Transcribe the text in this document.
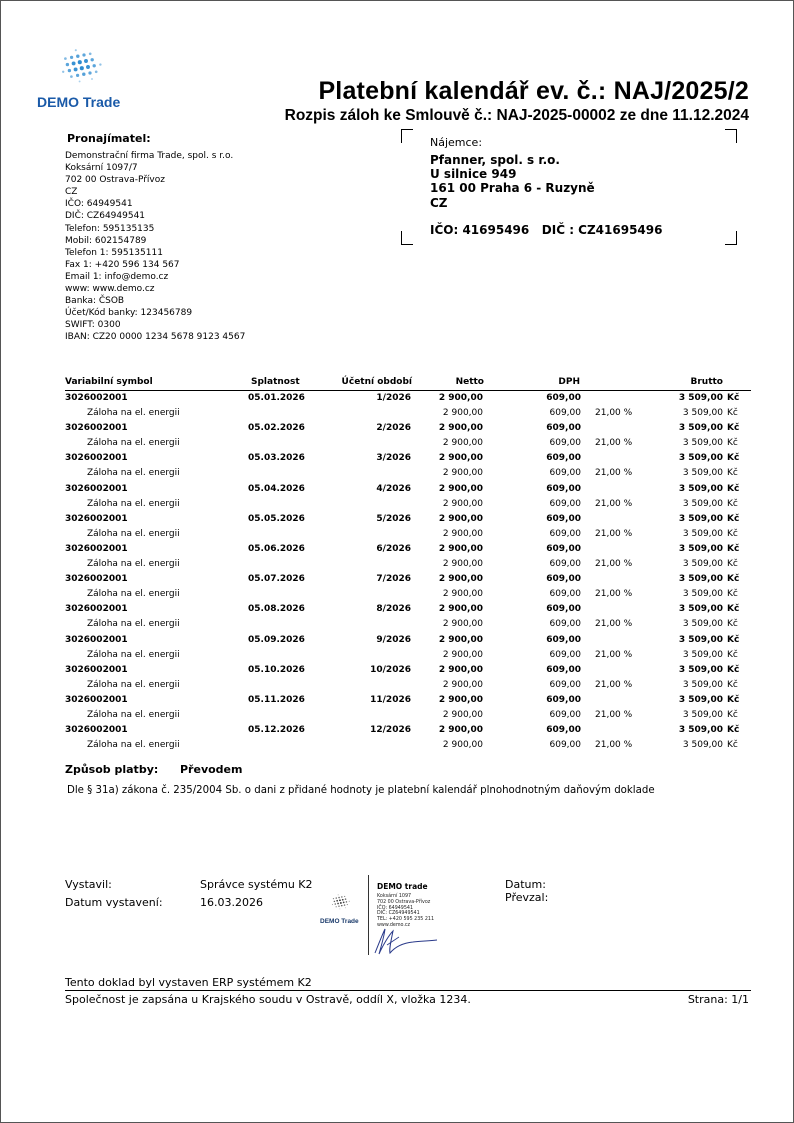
DEMO Trade	Platební kalendář ev. č.: NAJ/2025/2
Rozpis záloh ke Smlouvě č.: NAJ-2025-00002 ze dne 11.12.2024
Pronajímatel:
Demonstrační firma Trade, spol. s r.o.
Koksární 1097/7
702 00 Ostrava-Přívoz
CZ
IČO: 64949541
DIČ: CZ64949541
Telefon: 595135135
Mobil: 602154789
Telefon 1: 595135111
Fax 1: +420 596 134 567
Email 1: info@demo.cz
www: www.demo.cz
Banka: ČSOB
Účet/Kód banky: 123456789
SWIFT: 0300
IBAN: CZ20 0000 1234 5678 9123 4567
Nájemce:
Pfanner, spol. s r.o.
U silnice 949
161 00 Praha 6 - Ruzyně
CZ
IČO: 41695496   DIČ : CZ41695496
Variabilní symbol	Splatnost	Účetní období	Netto	DPH	Brutto
3026002001	05.01.2026	1/2026	2 900,00	609,00	3 509,00 Kč
Záloha na el. energii	2 900,00	609,00 21,00 %	3 509,00 Kč
3026002001	05.02.2026	2/2026	2 900,00	609,00	3 509,00 Kč
Záloha na el. energii	2 900,00	609,00 21,00 %	3 509,00 Kč
3026002001	05.03.2026	3/2026	2 900,00	609,00	3 509,00 Kč
Záloha na el. energii	2 900,00	609,00 21,00 %	3 509,00 Kč
3026002001	05.04.2026	4/2026	2 900,00	609,00	3 509,00 Kč
Záloha na el. energii	2 900,00	609,00 21,00 %	3 509,00 Kč
3026002001	05.05.2026	5/2026	2 900,00	609,00	3 509,00 Kč
Záloha na el. energii	2 900,00	609,00 21,00 %	3 509,00 Kč
3026002001	05.06.2026	6/2026	2 900,00	609,00	3 509,00 Kč
Záloha na el. energii	2 900,00	609,00 21,00 %	3 509,00 Kč
3026002001	05.07.2026	7/2026	2 900,00	609,00	3 509,00 Kč
Záloha na el. energii	2 900,00	609,00 21,00 %	3 509,00 Kč
3026002001	05.08.2026	8/2026	2 900,00	609,00	3 509,00 Kč
Záloha na el. energii	2 900,00	609,00 21,00 %	3 509,00 Kč
3026002001	05.09.2026	9/2026	2 900,00	609,00	3 509,00 Kč
Záloha na el. energii	2 900,00	609,00 21,00 %	3 509,00 Kč
3026002001	05.10.2026	10/2026	2 900,00	609,00	3 509,00 Kč
Záloha na el. energii	2 900,00	609,00 21,00 %	3 509,00 Kč
3026002001	05.11.2026	11/2026	2 900,00	609,00	3 509,00 Kč
Záloha na el. energii	2 900,00	609,00 21,00 %	3 509,00 Kč
3026002001	05.12.2026	12/2026	2 900,00	609,00	3 509,00 Kč
Záloha na el. energii	2 900,00	609,00 21,00 %	3 509,00 Kč
Způsob platby: Převodem
Dle § 31a) zákona č. 235/2004 Sb. o dani z přidané hodnoty je platební kalendář plnohodnotným daňovým doklade
Vystavil:	Správce systému K2
Datum vystavení:	16.03.2026
Datum:
Převzal:
DEMO Trade
DEMO trade
Koksární 1097
702 00 Ostrava-Přívoz
IČO: 64949541
DIČ: CZ64949541
TEL: +420 595 235 211
www.demo.cz
Tento doklad byl vystaven ERP systémem K2
Společnost je zapsána u Krajského soudu v Ostravě, oddíl X, vložka 1234.	Strana: 1/1
